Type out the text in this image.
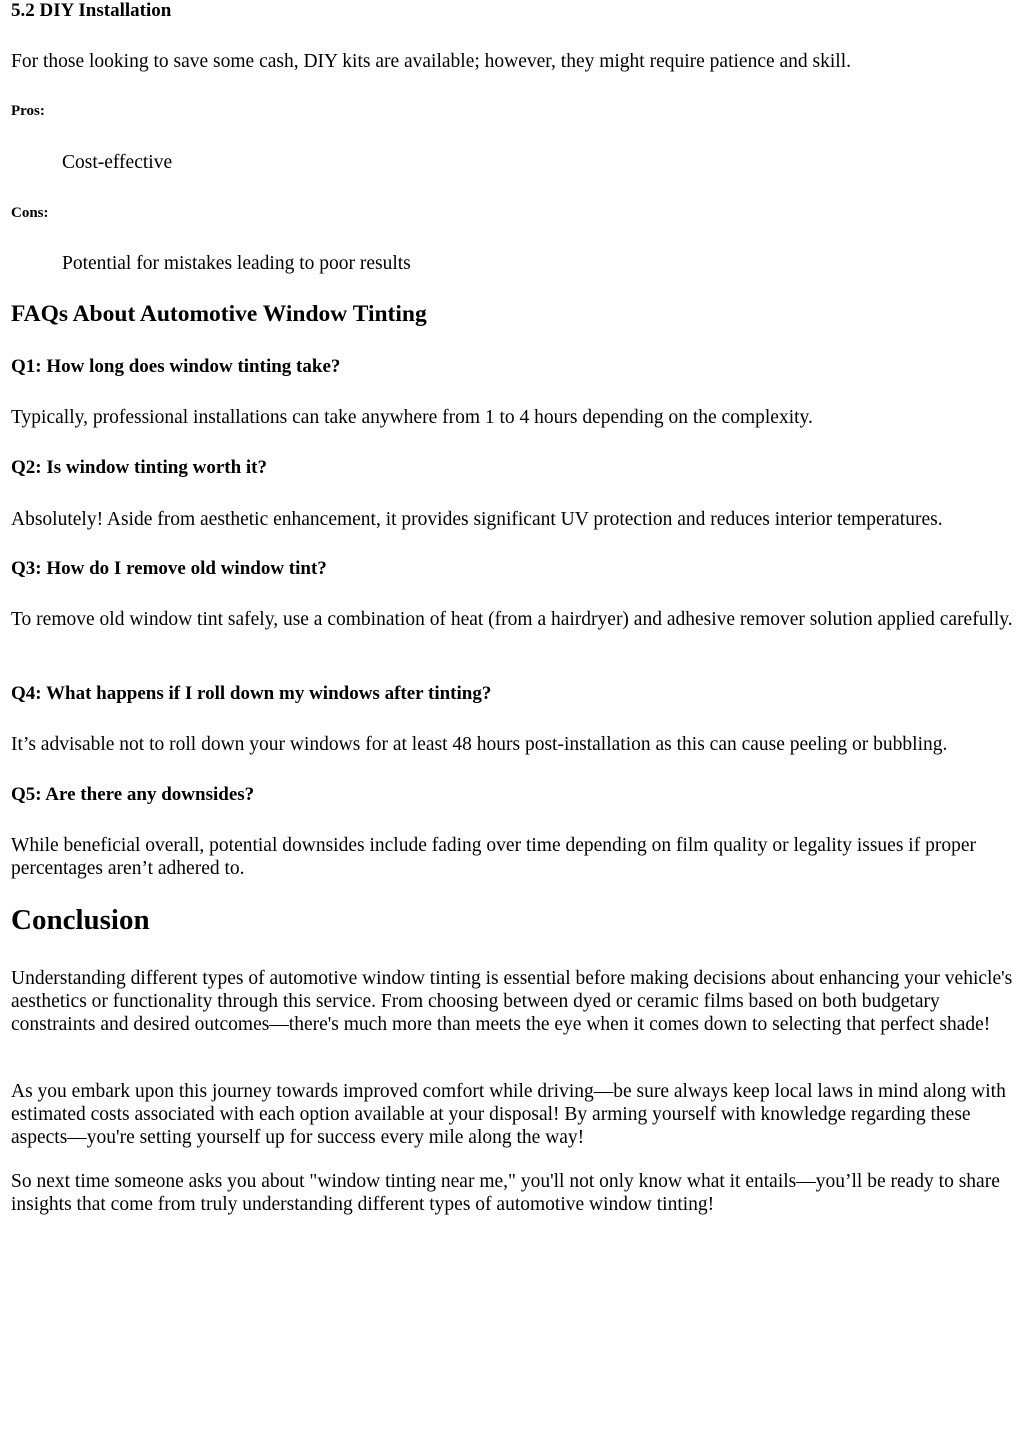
5.2 DIY Installation

For those looking to save some cash, DIY kits are available; however, they might require patience and skill.

Pros:
Cost-effective
Cons:
Potential for mistakes leading to poor results
FAQs About Automotive Window Tinting
Q1: How long does window tinting take?

Typically, professional installations can take anywhere from 1 to 4 hours depending on the complexity.

Q2: Is window tinting worth it?

Absolutely! Aside from aesthetic enhancement, it provides significant UV protection and reduces interior temperatures.

Q3: How do I remove old window tint?

To remove old window tint safely, use a combination of heat (from a hairdryer) and adhesive remover solution applied carefully.

Q4: What happens if I roll down my windows after tinting?

It’s advisable not to roll down your windows for at least 48 hours post-installation as this can cause peeling or bubbling.

Q5: Are there any downsides?

While beneficial overall, potential downsides include fading over time depending on film quality or legality issues if proper percentages aren’t adhered to.

Conclusion

Understanding different types of automotive window tinting is essential before making decisions about enhancing your vehicle's aesthetics or functionality through this service. From choosing between dyed or ceramic films based on both budgetary constraints and desired outcomes—there's much more than meets the eye when it comes down to selecting that perfect shade!

As you embark upon this journey towards improved comfort while driving—be sure always keep local laws in mind along with estimated costs associated with each option available at your disposal! By arming yourself with knowledge regarding these aspects—you're setting yourself up for success every mile along the way!

So next time someone asks you about "window tinting near me," you'll not only know what it entails—you’ll be ready to share insights that come from truly understanding different types of automotive window tinting!
